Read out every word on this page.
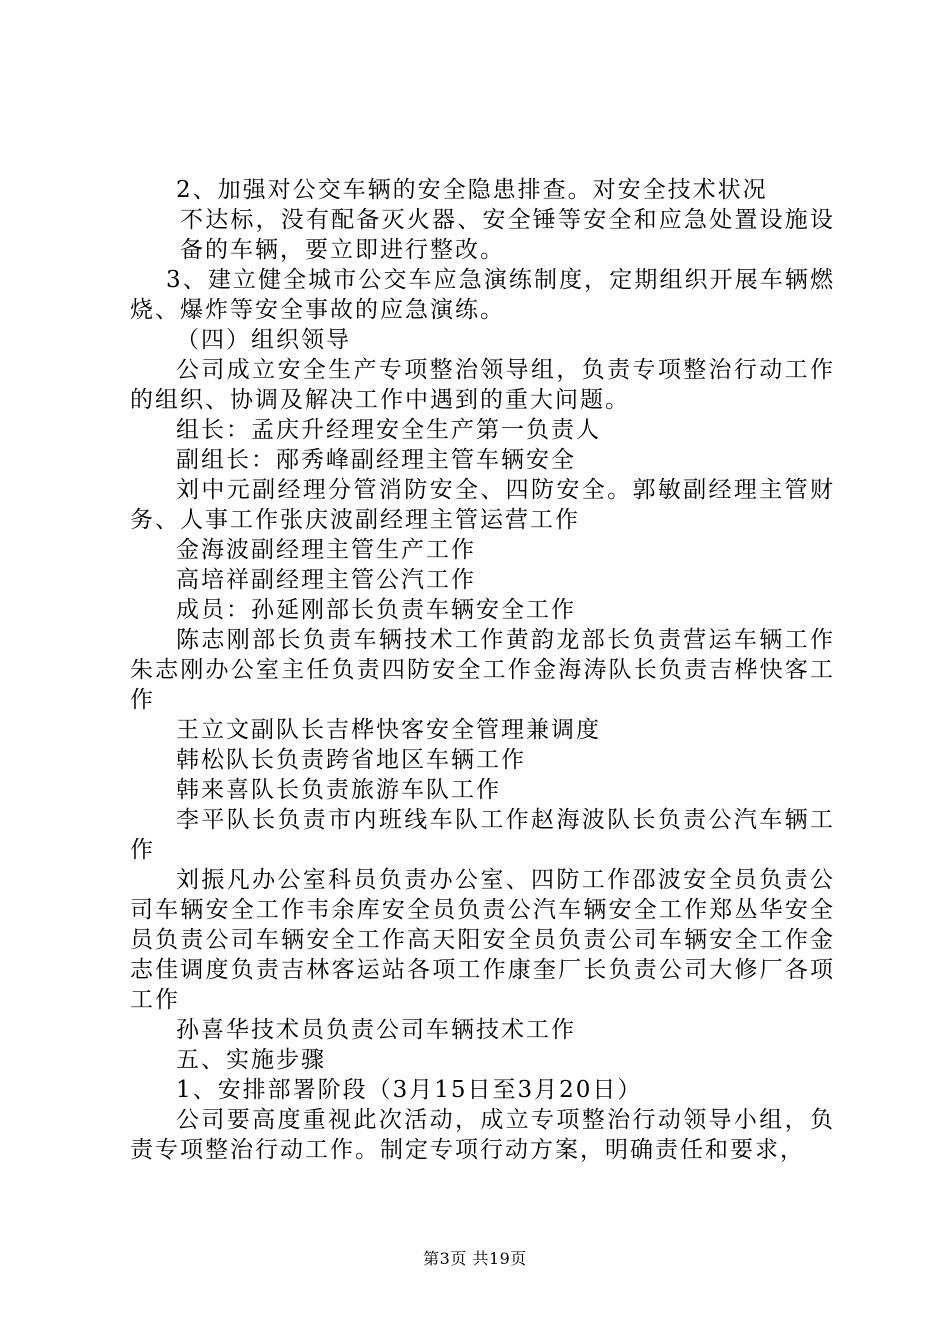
2、加强对公交车辆的安全隐患排查。对安全技术状况

不达标，没有配备灭火器、安全锤等安全和应急处置设施设备的车辆，要立即进行整改。

3、建立健全城市公交车应急演练制度，定期组织开展车辆燃烧、爆炸等安全事故的应急演练。

（四）组织领导

公司成立安全生产专项整治领导组，负责专项整治行动工作的组织、协调及解决工作中遇到的重大问题。

组长：孟庆升经理安全生产第一负责人

副组长：邴秀峰副经理主管车辆安全

刘中元副经理分管消防安全、四防安全。郭敏副经理主管财务、人事工作张庆波副经理主管运营工作

金海波副经理主管生产工作

高培祥副经理主管公汽工作

成员：孙延刚部长负责车辆安全工作

陈志刚部长负责车辆技术工作黄韵龙部长负责营运车辆工作朱志刚办公室主任负责四防安全工作金海涛队长负责吉桦快客工作

王立文副队长吉桦快客安全管理兼调度

韩松队长负责跨省地区车辆工作

韩来喜队长负责旅游车队工作

李平队长负责市内班线车队工作赵海波队长负责公汽车辆工作

刘振凡办公室科员负责办公室、四防工作邵波安全员负责公司车辆安全工作韦余库安全员负责公汽车辆安全工作郑丛华安全员负责公司车辆安全工作高天阳安全员负责公司车辆安全工作金志佳调度负责吉林客运站各项工作康奎厂长负责公司大修厂各项工作

孙喜华技术员负责公司车辆技术工作

五、实施步骤

1、安排部署阶段（3月15日至3月20日）

公司要高度重视此次活动，成立专项整治行动领导小组，负责专项整治行动工作。制定专项行动方案，明确责任和要求，

第3页 共19页
